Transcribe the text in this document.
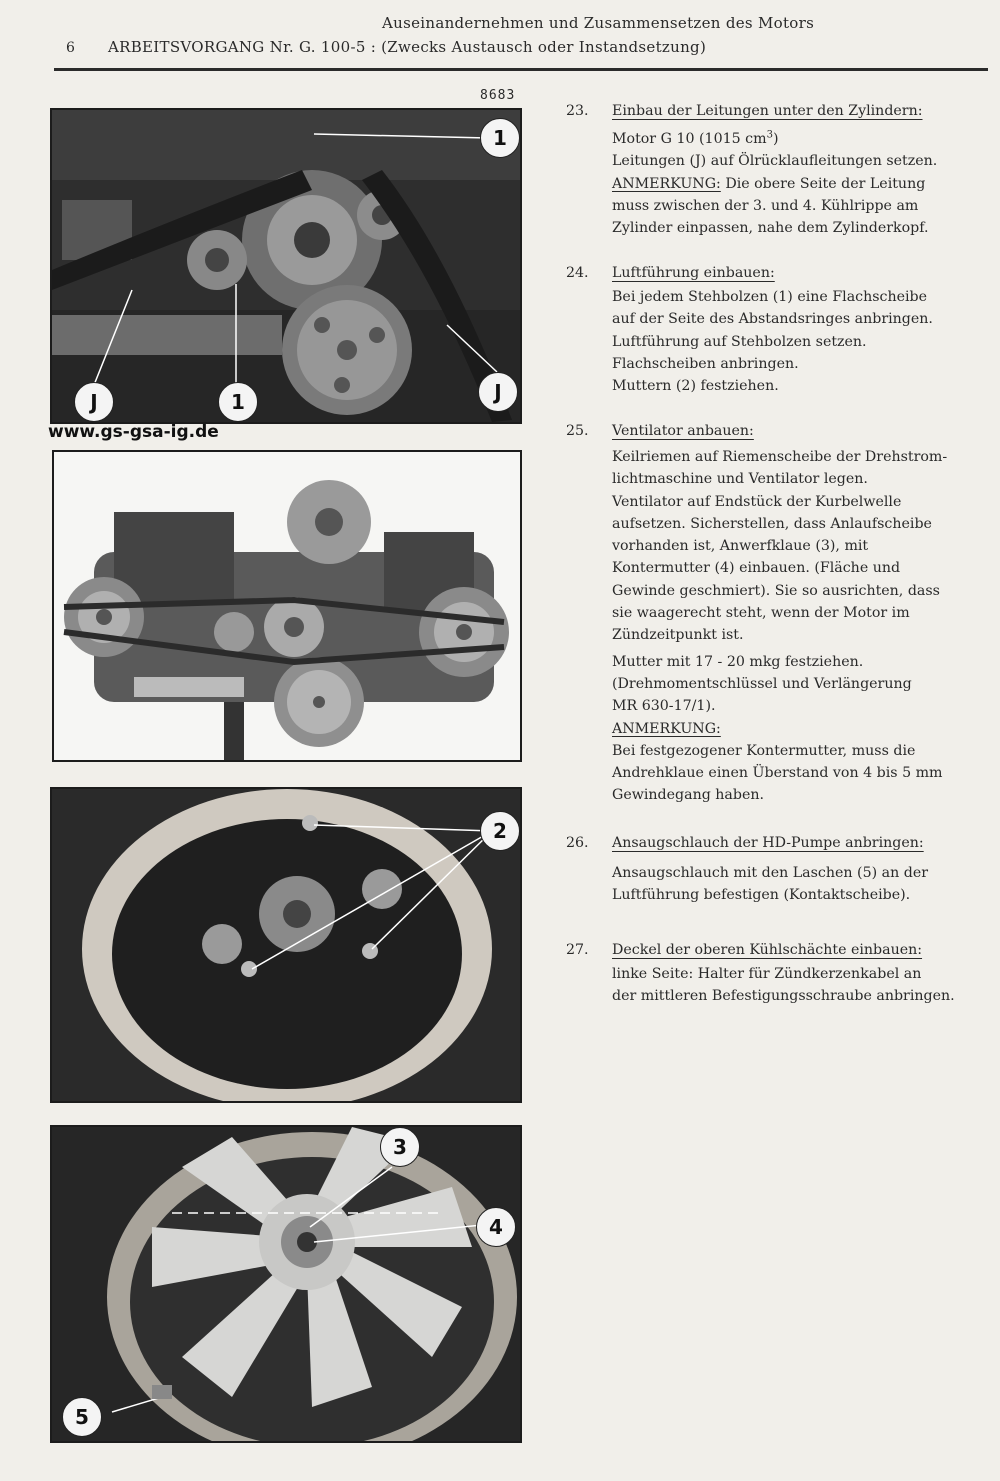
Auseinandernehmen und Zusammensetzen des Motors
6 ARBEITSVORGANG Nr. G. 100-5 : (Zwecks Austausch oder Instandsetzung)
8683
1
1
J	J
www.gs-gsa-ig.de
2
3
4
5
23. Einbau der Leitungen unter den Zylindern:
Motor G 10 (1015 $cm^3$)
Leitungen (J) auf Ölrücklaufleitungen setzen.
ANMERKUNG: Die obere Seite der Leitung
muss zwischen der 3. und 4. Kühlrippe am
Zylinder einpassen, nahe dem Zylinderkopf.
24. Luftführung einbauen:
Bei jedem Stehbolzen (1) eine Flachscheibe
auf der Seite des Abstandsringes anbringen.
Luftführung auf Stehbolzen setzen.
Flachscheiben anbringen.
Muttern (2) festziehen.
25. Ventilator anbauen:
Keilriemen auf Riemenscheibe der Drehstrom-
lichtmaschine und Ventilator legen.
Ventilator auf Endstück der Kurbelwelle
aufsetzen. Sicherstellen, dass Anlaufscheibe
vorhanden ist, Anwerfklaue (3), mit
Kontermutter (4) einbauen. (Fläche und
Gewinde geschmiert). Sie so ausrichten, dass
sie waagerecht steht, wenn der Motor im
Zündzeitpunkt ist.
Mutter mit 17 - 20 mkg festziehen.
(Drehmomentschlüssel und Verlängerung
MR 630-17/1).
ANMERKUNG:
Bei festgezogener Kontermutter, muss die
Andrehklaue einen Überstand von 4 bis 5 mm
Gewindegang haben.
26. Ansaugschlauch der HD-Pumpe anbringen:
Ansaugschlauch mit den Laschen (5) an der
Luftführung befestigen (Kontaktscheibe).
27. Deckel der oberen Kühlschächte einbauen:
linke Seite: Halter für Zündkerzenkabel an
der mittleren Befestigungsschraube anbringen.
